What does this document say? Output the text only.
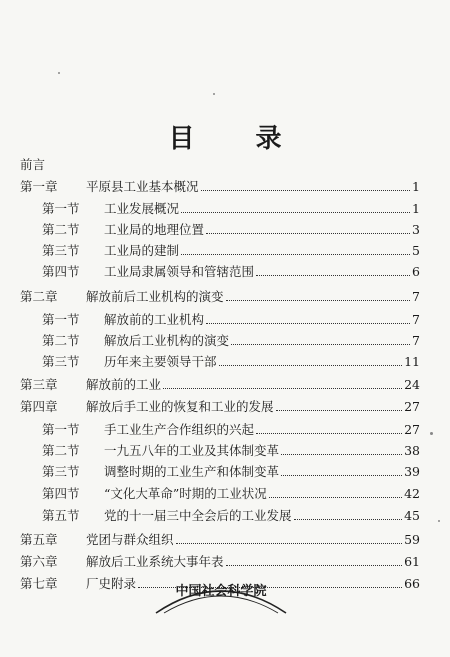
目 录
前言
第一章	平原县工业基本概况	1
第一节	工业发展概况	1
第二节	工业局的地理位置	3
第三节	工业局的建制	5
第四节	工业局隶属领导和管辖范围	6
第二章	解放前后工业机构的演变	7
第一节	解放前的工业机构	7
第二节	解放后工业机构的演变	7
第三节	历年来主要领导干部	11
第三章	解放前的工业	24
第四章	解放后手工业的恢复和工业的发展	27
第一节	手工业生产合作组织的兴起	27
第二节	一九五八年的工业及其体制变革	38
第三节	调整时期的工业生产和体制变革	39
第四节	“文化大革命”时期的工业状况	42
第五节	党的十一届三中全会后的工业发展	45
第五章	党团与群众组织	59
第六章	解放后工业系统大事年表	61
第七章	厂史附录	66
中国社会科学院
